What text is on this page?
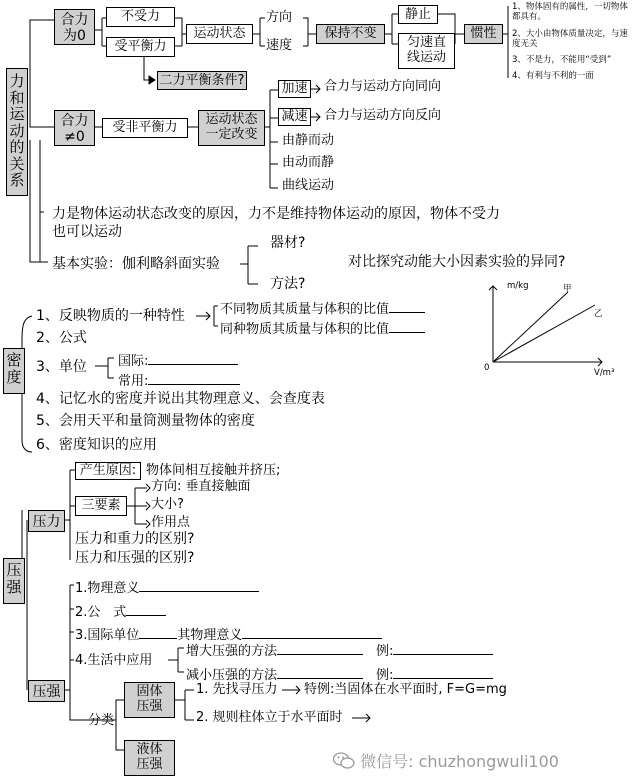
力和运动的关系
合力为0
不受力
受平衡力
运动状态
方向
速度
保持不变
静止
匀速直线运动
惯性
1、物体固有的属性，一切物体都具有。
2、大小由物体质量决定，与速度无关
3、不是力，不能用“受到”
4、有利与不利的一面
二力平衡条件?
合力≠0
受非平衡力
运动状态一定改变
加速 合力与运动方向同向
减速 合力与运动方向反向
由静而动
由动而静
曲线运动
力是物体运动状态改变的原因，力不是维持物体运动的原因，物体不受力也可以运动
基本实验：伽利略斜面实验
器材?
方法?
对比探究动能大小因素实验的异同?
密度
1、反映物质的一种特性
2、公式
3、单位
4、记忆水的密度并说出其物理意义、会查度表
5、会用天平和量筒测量物体的密度
6、密度知识的应用
不同物质其质量与体积的比值
同种物质其质量与体积的比值
国际:
常用:
m/kg
V/m³
0
甲
乙
压强
压力
产生原因: 物体间相互接触并挤压;
三要素
方向: 垂直接触面
大小?
作用点
压力和重力的区别?
压力和压强的区别?
压强
1.物理意义
2.公　式
3.国际单位	其物理意义
4.生活中应用
增大压强的方法　	例:
减小压强的方法　	例:
分类
固体压强
液体压强
1. 先找寻压力 特例:当固体在水平面时, F=G=mg
2. 规则柱体立于水平面时
微信号: chuzhongwuli100
